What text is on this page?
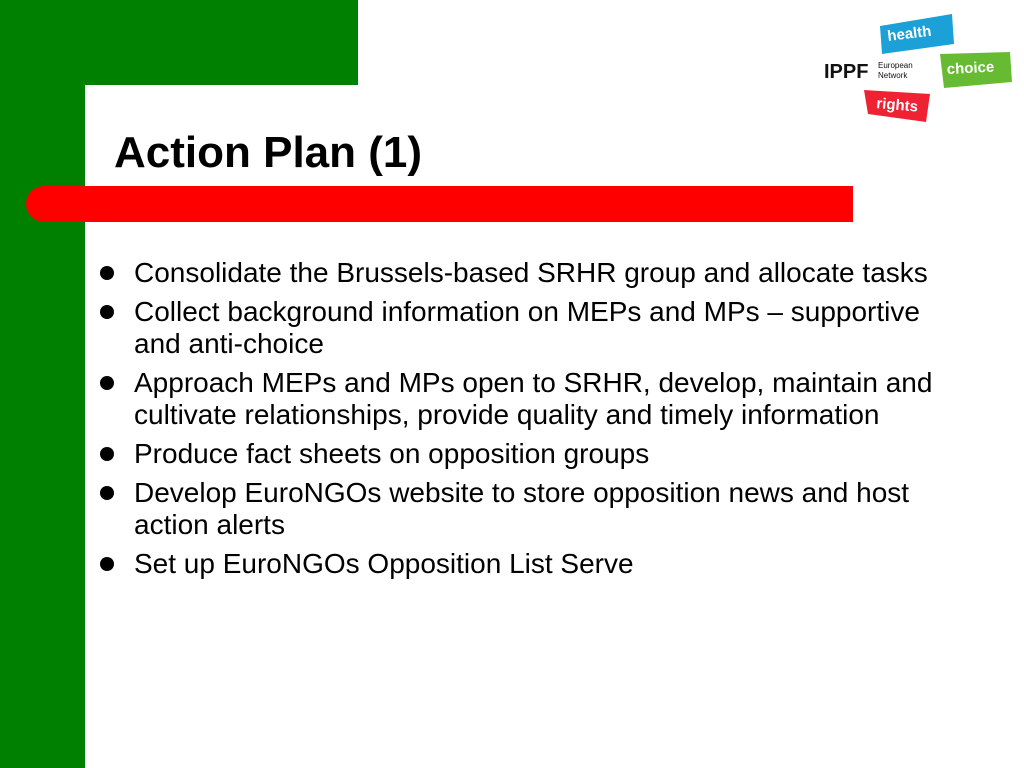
Action Plan (1)
health
choice
rights
IPPF European
Network
Consolidate the Brussels-based SRHR group and allocate tasks
Collect background information on MEPs and MPs – supportive and anti-choice
Approach MEPs and MPs open to SRHR, develop, maintain and cultivate relationships, provide quality and timely information
Produce fact sheets on opposition groups
Develop EuroNGOs website to store opposition news and host action alerts
Set up EuroNGOs Opposition List Serve
